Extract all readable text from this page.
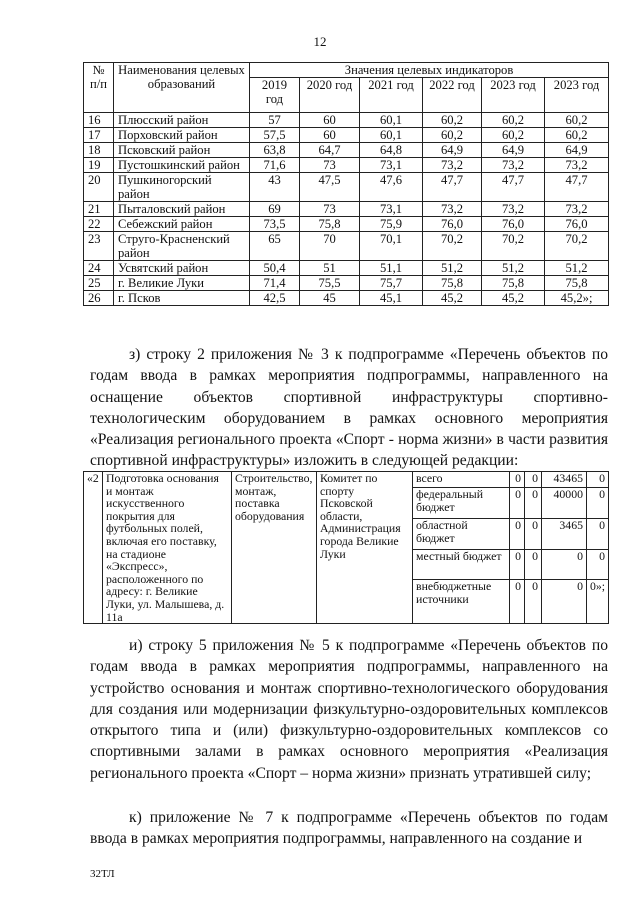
12
№ п/п	Наименования целевых образований	Значения целевых индикаторов					
		2019 год	2020 год	2021 год	2022 год	2023 год	2023 год
16	Плюсский район	57	60	60,1	60,2	60,2	60,2
17	Порховский район	57,5	60	60,1	60,2	60,2	60,2
18	Псковский район	63,8	64,7	64,8	64,9	64,9	64,9
19	Пустошкинский район	71,6	73	73,1	73,2	73,2	73,2
20	Пушкиногорский район	43	47,5	47,6	47,7	47,7	47,7
21	Пыталовский район	69	73	73,1	73,2	73,2	73,2
22	Себежский район	73,5	75,8	75,9	76,0	76,0	76,0
23	Струго-Красненский район	65	70	70,1	70,2	70,2	70,2
24	Усвятский район	50,4	51	51,1	51,2	51,2	51,2
25	г. Великие Луки	71,4	75,5	75,7	75,8	75,8	75,8
26	г. Псков	42,5	45	45,1	45,2	45,2	45,2»;

з) строку 2 приложения № 3 к подпрограмме «Перечень объектов по годам ввода в рамках мероприятия подпрограммы, направленного на оснащение объектов спортивной инфраструктуры спортивно-технологическим оборудованием в рамках основного мероприятия «Реализация регионального проекта «Спорт - норма жизни» в части развития спортивной инфраструктуры» изложить в следующей редакции:

«2	Подготовка основания и монтаж искусственного покрытия для футбольных полей, включая его поставку, на стадионе «Экспресс», расположенного по адресу: г. Великие Луки, ул. Малышева, д. 11а	Строительство, монтаж, поставка оборудования	Комитет по спорту Псковской области, Администрация города Великие Луки	всего	0	0	43465	0
				федеральный бюджет	0	0	40000	0
				областной бюджет	0	0	3465	0
				местный бюджет	0	0	0	0
				внебюджетные источники	0	0	0	0»;

и) строку 5 приложения № 5 к подпрограмме «Перечень объектов по годам ввода в рамках мероприятия подпрограммы, направленного на устройство основания и монтаж спортивно-технологического оборудования для создания или модернизации физкультурно-оздоровительных комплексов открытого типа и (или) физкультурно-оздоровительных комплексов со спортивными залами в рамках основного мероприятия «Реализация регионального проекта «Спорт – норма жизни» признать утратившей силу;

к) приложение № 7 к подпрограмме «Перечень объектов по годам ввода в рамках мероприятия подпрограммы, направленного на создание и

32ТЛ
